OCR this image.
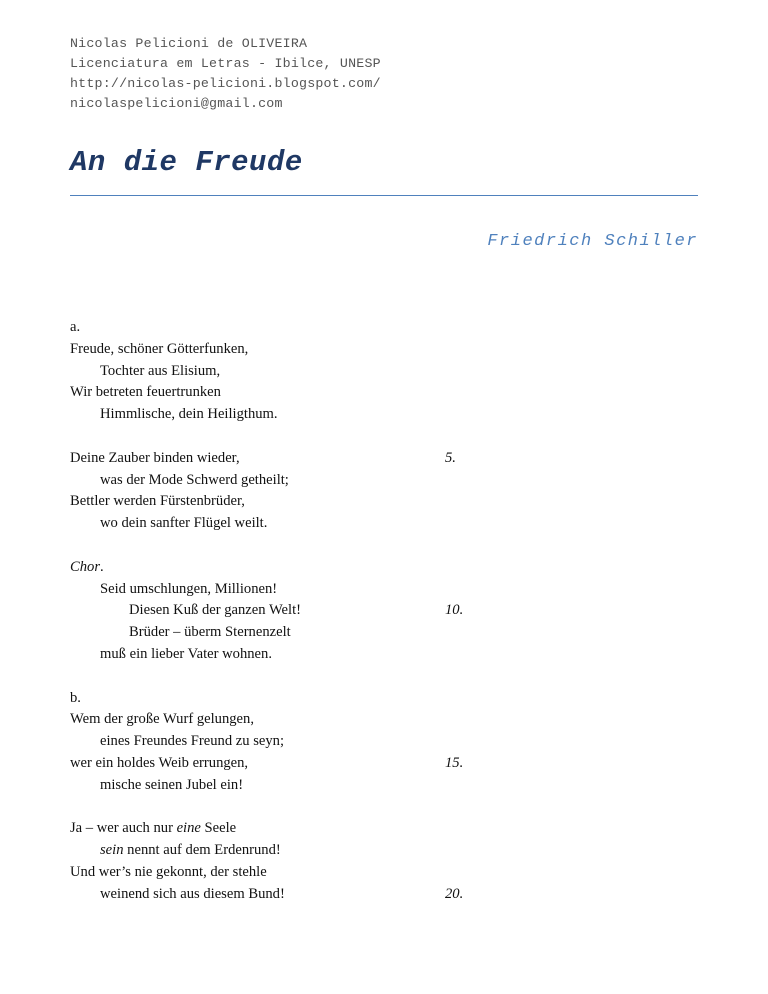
Nicolas Pelicioni de OLIVEIRA
Licenciatura em Letras - Ibilce, UNESP
http://nicolas-pelicioni.blogspot.com/
nicolaspelicioni@gmail.com
An die Freude
Friedrich Schiller
a.
Freude, schöner Götterfunken,
Tochter aus Elisium,
Wir betreten feuertrunken
Himmlische, dein Heiligthum.
Deine Zauber binden wieder,	5.
was der Mode Schwerd getheilt;
Bettler werden Fürstenbrüder,
wo dein sanfter Flügel weilt.
Chor.
Seid umschlungen, Millionen!
Diesen Kuß der ganzen Welt!	10.
Brüder – überm Sternenzelt
muß ein lieber Vater wohnen.
b.
Wem der große Wurf gelungen,
eines Freundes Freund zu seyn;
wer ein holdes Weib errungen,	15.
mische seinen Jubel ein!
Ja – wer auch nur eine Seele
sein nennt auf dem Erdenrund!
Und wer’s nie gekonnt, der stehle
weinend sich aus diesem Bund!	20.
